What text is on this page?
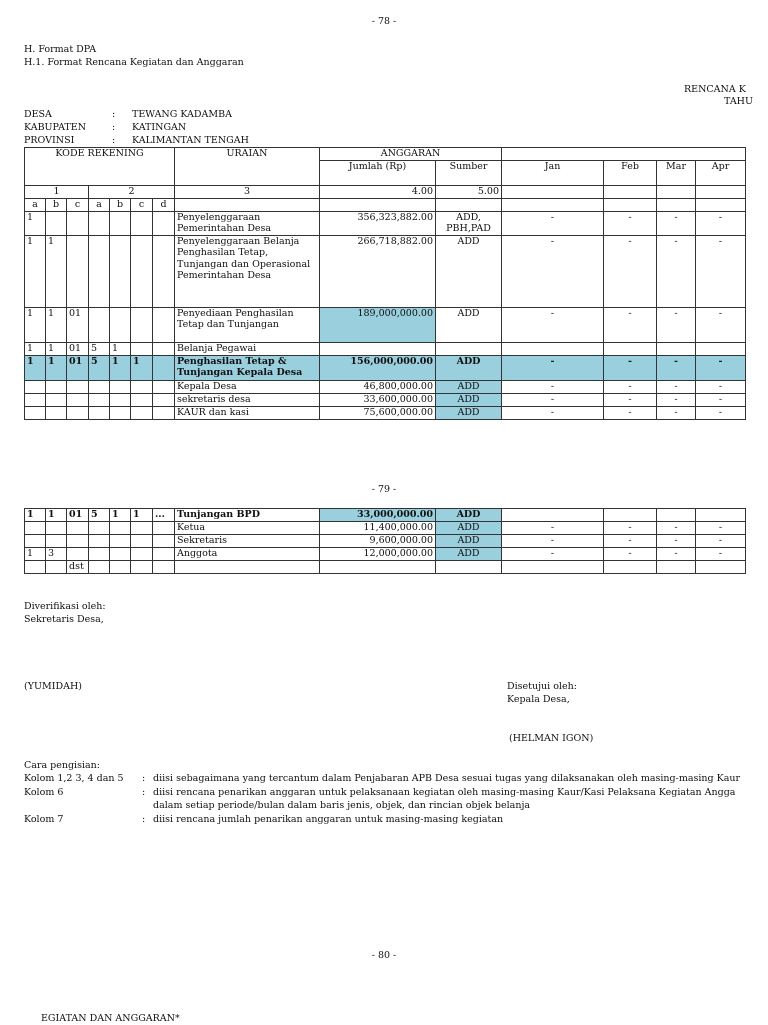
- 78 -
H. Format DPA
H.1. Format Rencana Kegiatan dan Anggaran
RENCANA K
TAHU
DESA	: TEWANG KADAMBA
KABUPATEN	: KATINGAN
PROVINSI	: KALIMANTAN TENGAH
KODE REKENING							URAIAN	ANGGARAN					
								Jumlah (Rp)	Sumber	Jan	Feb	Mar	Apr
1			2				3	4.00	5.00				
a	b	c	a	b	c	d							
1							Penyelenggaraan Pemerintahan Desa	356,323,882.00	ADD, PBH,PAD	-	-	-	-
1	1						Penyelenggaraan Belanja Penghasilan Tetap, Tunjangan dan Operasional Pemerintahan Desa	266,718,882.00	ADD	-	-	-	-
1	1	01					Penyediaan Penghasilan Tetap dan Tunjangan	189,000,000.00	ADD	-	-	-	-
1	1	01	5	1			Belanja Pegawai						
1	1	01	5	1	1		Penghasilan Tetap & Tunjangan Kepala Desa	156,000,000.00	ADD	-	-	-	-
							Kepala Desa	46,800,000.00	ADD	-	-	-	-
							sekretaris desa	33,600,000.00	ADD	-	-	-	-
							KAUR dan kasi	75,600,000.00	ADD	-	-	-	-
- 79 -
1	1	01	5	1	1	...	Tunjangan BPD	33,000,000.00	ADD				
							Ketua	11,400,000.00	ADD	-	-	-	-
							Sekretaris	9,600,000.00	ADD	-	-	-	-
1	3						Anggota	12,000,000.00	ADD	-	-	-	-
		dst											
Diverifikasi oleh:
Sekretaris Desa,
(YUMIDAH)	Disetujui oleh:
Kepala Desa,
(HELMAN IGON)
Cara pengisian:
Kolom 1,2 3, 4 dan 5 : diisi sebagaimana yang tercantum dalam Penjabaran APB Desa sesuai tugas yang dilaksanakan oleh masing-masing Kaur
Kolom 6	: diisi rencana penarikan anggaran untuk pelaksanaan kegiatan oleh masing-masing Kaur/Kasi Pelaksana Kegiatan Angga
dalam setiap periode/bulan dalam baris jenis, objek, dan rincian objek belanja
Kolom 7	: diisi rencana jumlah penarikan anggaran untuk masing-masing kegiatan
- 80 -
EGIATAN DAN ANGGARAN*
